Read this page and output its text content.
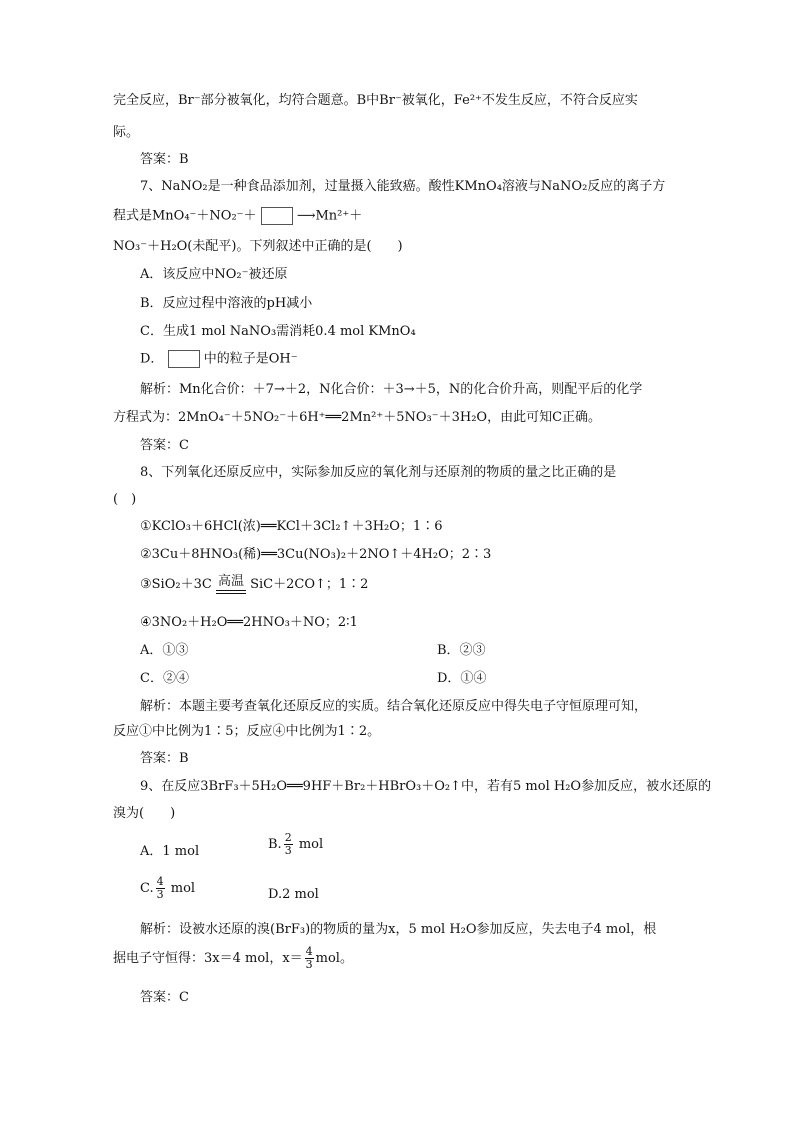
完全反应，Br⁻部分被氧化，均符合题意。B中Br⁻被氧化，Fe²⁺不发生反应，不符合反应实
际。
答案：B
7、NaNO₂是一种食品添加剂，过量摄入能致癌。酸性KMnO₄溶液与NaNO₂反应的离子方
程式是MnO₄⁻＋NO₂⁻＋	⟶Mn²⁺＋
NO₃⁻＋H₂O(未配平)。下列叙述中正确的是(　　)
A．该反应中NO₂⁻被还原
B．反应过程中溶液的pH减小
C．生成1 mol NaNO₃需消耗0.4 mol KMnO₄
D．	中的粒子是OH⁻
解析：Mn化合价：＋7→＋2，N化合价：＋3→＋5，N的化合价升高，则配平后的化学
方程式为：2MnO₄⁻＋5NO₂⁻＋6H⁺══2Mn²⁺＋5NO₃⁻＋3H₂O，由此可知C正确。
答案：C
8、下列氧化还原反应中，实际参加反应的氧化剂与还原剂的物质的量之比正确的是
(　)
①KClO₃＋6HCl(浓)══KCl＋3Cl₂↑＋3H₂O；1∶6
②3Cu＋8HNO₃(稀)══3Cu(NO₃)₂＋2NO↑＋4H₂O；2∶3
③SiO₂＋3C 高温 SiC＋2CO↑；1∶2
④3NO₂＋H₂O══2HNO₃＋NO；2∶1
A．①③	B．②③
C．②④	D．①④
解析：本题主要考查氧化还原反应的实质。结合氧化还原反应中得失电子守恒原理可知，
反应①中比例为1∶5；反应④中比例为1∶2。
答案：B
9、在反应3BrF₃＋5H₂O══9HF＋Br₂＋HBrO₃＋O₂↑中，若有5 mol H₂O参加反应，被水还原的
溴为(　　)
A．1 mol	B. $\frac{2}{3}$ mol
C. $\frac{4}{3}$ mol	D.2 mol
解析：设被水还原的溴(BrF₃)的物质的量为x，5 mol H₂O参加反应，失去电子4 mol，根
据电子守恒得：3x＝4 mol，$x= \frac{4}{3}$ mol。
答案：C
